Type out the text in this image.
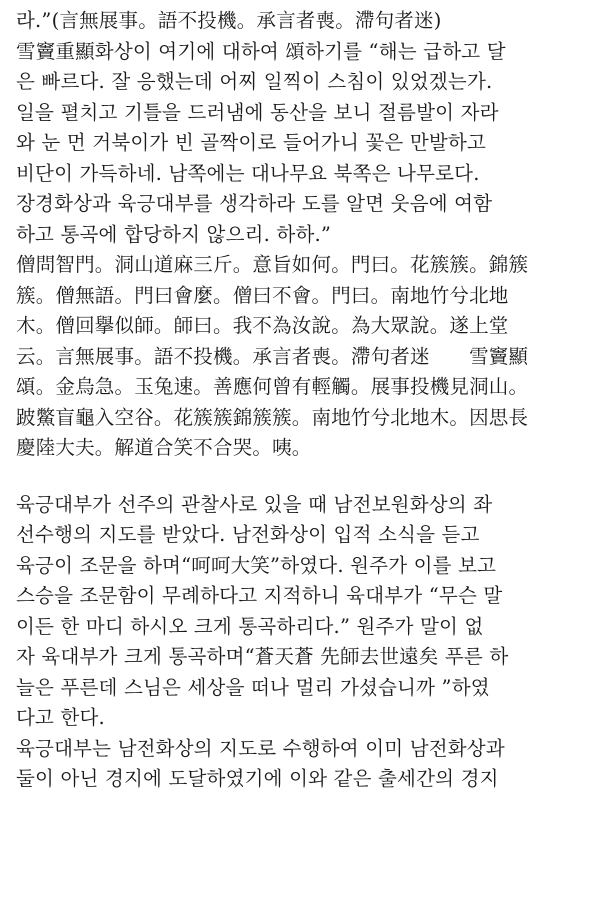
라.”(言無展事。語不投機。承言者喪。滯句者迷)
雪竇重顯화상이 여기에 대하여 頌하기를 “해는 급하고 달
은 빠르다. 잘 응했는데 어찌 일찍이 스침이 있었겠는가.
일을 펼치고 기틀을 드러냄에 동산을 보니 절름발이 자라
와 눈 먼 거북이가 빈 골짝이로 들어가니 꽃은 만발하고
비단이 가득하네. 남쪽에는 대나무요 북쪽은 나무로다.
장경화상과 육긍대부를 생각하라 도를 알면 웃음에 여함
하고 통곡에 합당하지 않으리. 하하.”
僧問智門。洞山道麻三斤。意旨如何。門曰。花簇簇。錦簇
簇。僧無語。門曰會麼。僧曰不會。門曰。南地竹兮北地
木。僧回擧似師。師曰。我不為汝說。為大眾說。遂上堂
云。言無展事。語不投機。承言者喪。滯句者迷　　雪竇顯
頌。金烏急。玉兔速。善應何曾有輕觸。展事投機見洞山。
跛鱉盲龜入空谷。花簇簇錦簇簇。南地竹兮北地木。因思長
慶陸大夫。解道合笑不合哭。咦。
육긍대부가 선주의 관찰사로 있을 때 남전보원화상의 좌
선수행의 지도를 받았다. 남전화상이 입적 소식을 듣고
육긍이 조문을 하며“呵呵大笑”하였다. 원주가 이를 보고
스승을 조문함이 무례하다고 지적하니 육대부가 “무슨 말
이든 한 마디 하시오 크게 통곡하리다.” 원주가 말이 없
자 육대부가 크게 통곡하며“蒼天蒼 先師去世遠矣 푸른 하
늘은 푸른데 스님은 세상을 떠나 멀리 가셨습니까 ”하였
다고 한다.
육긍대부는 남전화상의 지도로 수행하여 이미 남전화상과
둘이 아닌 경지에 도달하였기에 이와 같은 출세간의 경지
